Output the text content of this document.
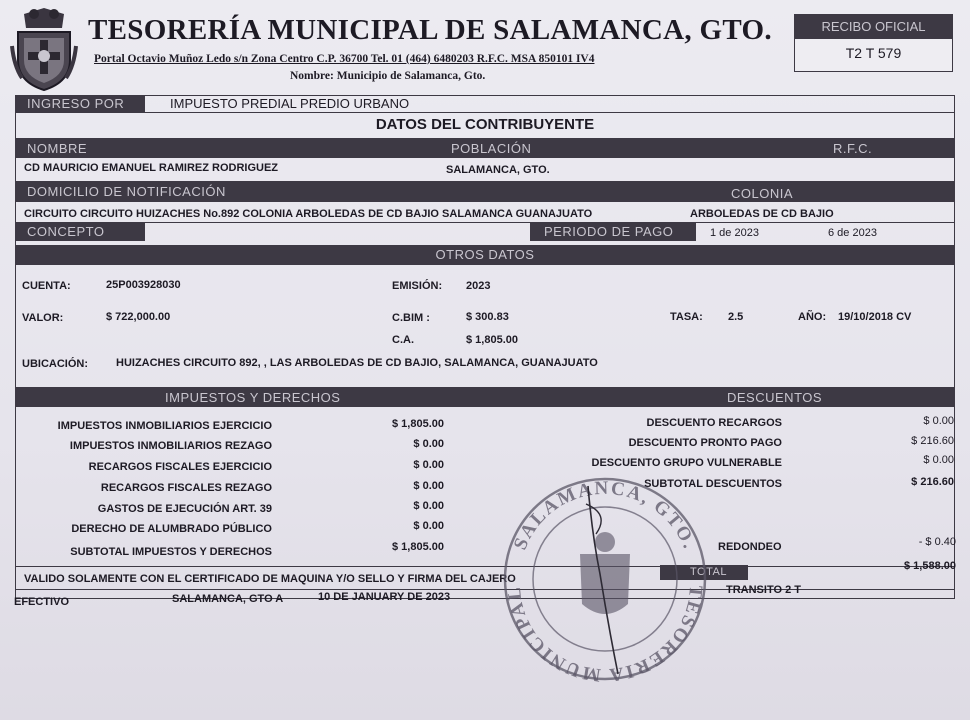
TESORERÍA MUNICIPAL DE SALAMANCA, GTO.
Portal Octavio Muñoz Ledo s/n Zona Centro C.P. 36700 Tel. 01 (464) 6480203 R.F.C. MSA 850101 IV4
Nombre: Municipio de Salamanca, Gto.
RECIBO OFICIAL
T2 T 579
INGRESO POR	IMPUESTO PREDIAL PREDIO URBANO
DATOS DEL CONTRIBUYENTE
NOMBRE	POBLACIÓN	R.F.C.
CD MAURICIO EMANUEL RAMIREZ RODRIGUEZ	SALAMANCA, GTO.
DOMICILIO DE NOTIFICACIÓN	COLONIA
CIRCUITO CIRCUITO HUIZACHES No.892 COLONIA ARBOLEDAS DE CD BAJIO SALAMANCA GUANAJUATO	ARBOLEDAS DE CD BAJIO
CONCEPTO	PERIODO DE PAGO	1 de 2023	6 de 2023
OTROS DATOS
CUENTA:	25P003928030	EMISIÓN: 2023
VALOR:	$ 722,000.00	C.BIM :	$ 300.83	TASA: 2.5	AÑO: 19/10/2018 CV
C.A.	$ 1,805.00
UBICACIÓN:	HUIZACHES CIRCUITO 892, , LAS ARBOLEDAS DE CD BAJIO, SALAMANCA, GUANAJUATO
IMPUESTOS Y DERECHOS	DESCUENTOS
IMPUESTOS INMOBILIARIOS EJERCICIO	$ 1,805.00
IMPUESTOS INMOBILIARIOS REZAGO	$ 0.00
RECARGOS FISCALES EJERCICIO	$ 0.00
RECARGOS FISCALES REZAGO	$ 0.00
GASTOS DE EJECUCIÓN ART. 39	$ 0.00
DERECHO DE ALUMBRADO PÚBLICO	$ 0.00
SUBTOTAL IMPUESTOS Y DERECHOS	$ 1,805.00
DESCUENTO RECARGOS	$ 0.00
DESCUENTO PRONTO PAGO	$ 216.60
DESCUENTO GRUPO VULNERABLE	$ 0.00
SUBTOTAL DESCUENTOS	$ 216.60
REDONDEO	- $ 0.40
VALIDO SOLAMENTE CON EL CERTIFICADO DE MAQUINA Y/O SELLO Y FIRMA DEL CAJERO
TOTAL	$ 1,588.00
EFECTIVO	SALAMANCA, GTO A	10 DE JANUARY DE 2023
TRANSITO 2 T
SALAMANCA, GTO.
TESORERIA MUNICIPAL
